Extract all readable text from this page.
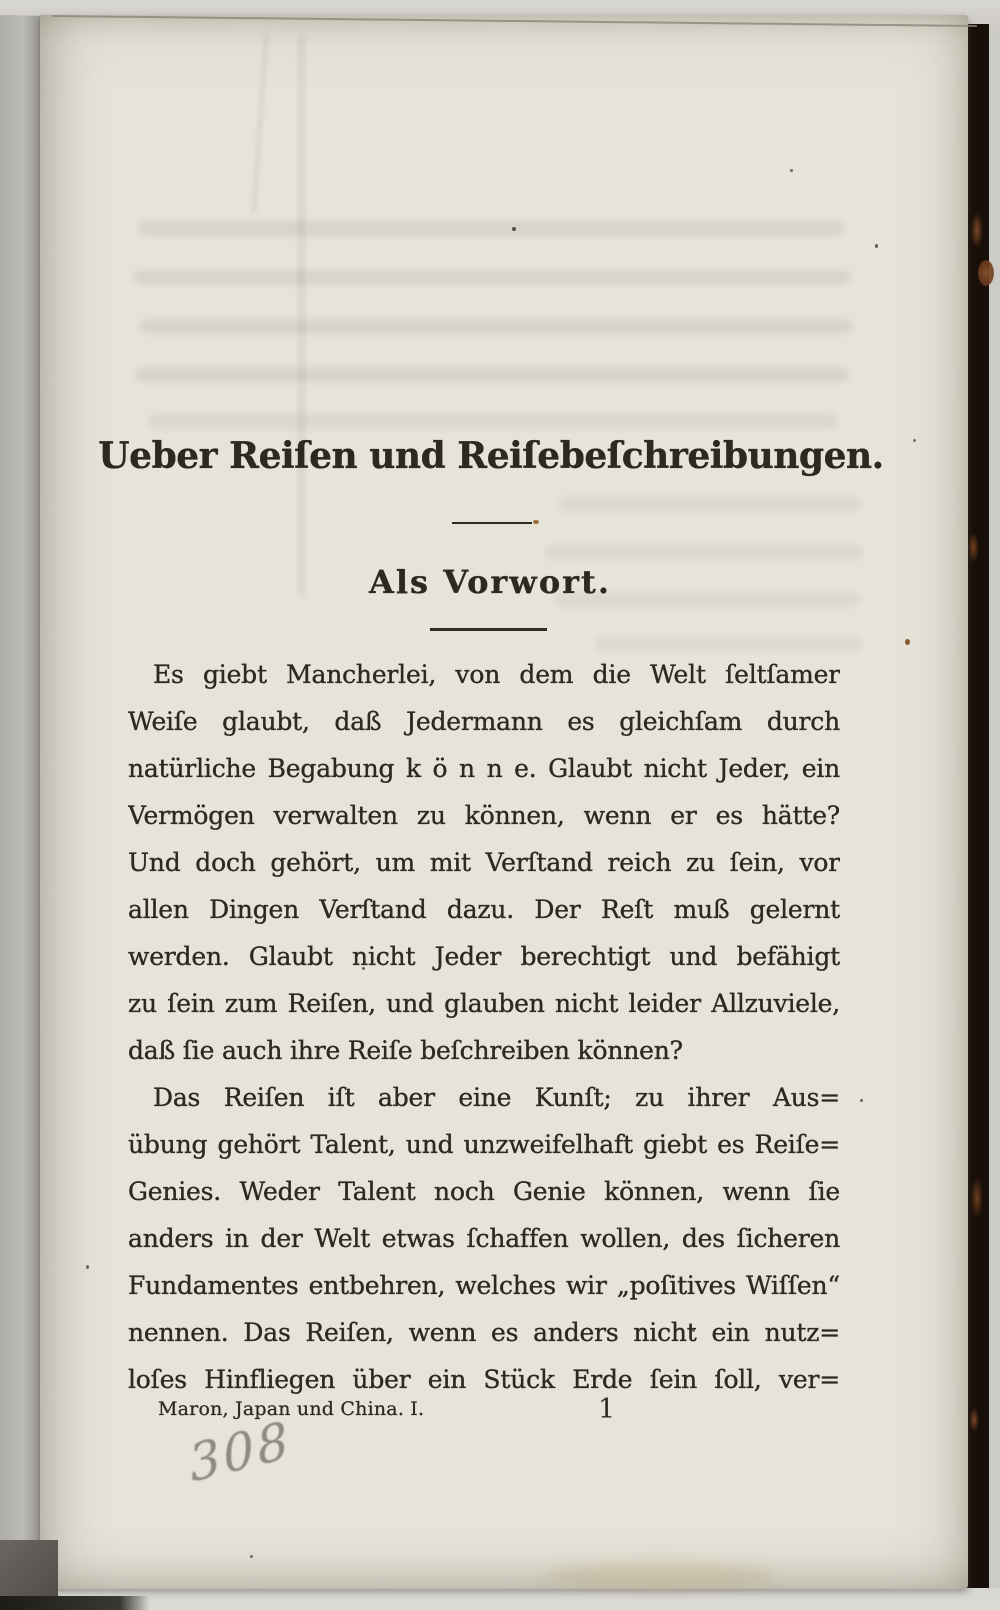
Ueber Reiſen und Reiſebeſchreibungen.
Als Vorwort.
Es giebt Mancherlei, von dem die Welt ſeltſamer
Weiſe glaubt, daß Jedermann es gleichſam durch
natürliche Begabung k ö n n e. Glaubt nicht Jeder, ein
Vermögen verwalten zu können, wenn er es hätte?
Und doch gehört, um mit Verſtand reich zu ſein, vor
allen Dingen Verſtand dazu. Der Reſt muß gelernt
werden. Glaubt nicht Jeder berechtigt und befähigt
zu ſein zum Reiſen, und glauben nicht leider Allzuviele,
daß ſie auch ihre Reiſe beſchreiben können?
Das Reiſen iſt aber eine Kunſt; zu ihrer Aus=
übung gehört Talent, und unzweifelhaft giebt es Reiſe=
Genies. Weder Talent noch Genie können, wenn ſie
anders in der Welt etwas ſchaffen wollen, des ſicheren
Fundamentes entbehren, welches wir „poſitives Wiſſen“
nennen. Das Reiſen, wenn es anders nicht ein nutz=
loſes Hinfliegen über ein Stück Erde ſein ſoll, ver=
Maron, Japan und China. I.	1
308
